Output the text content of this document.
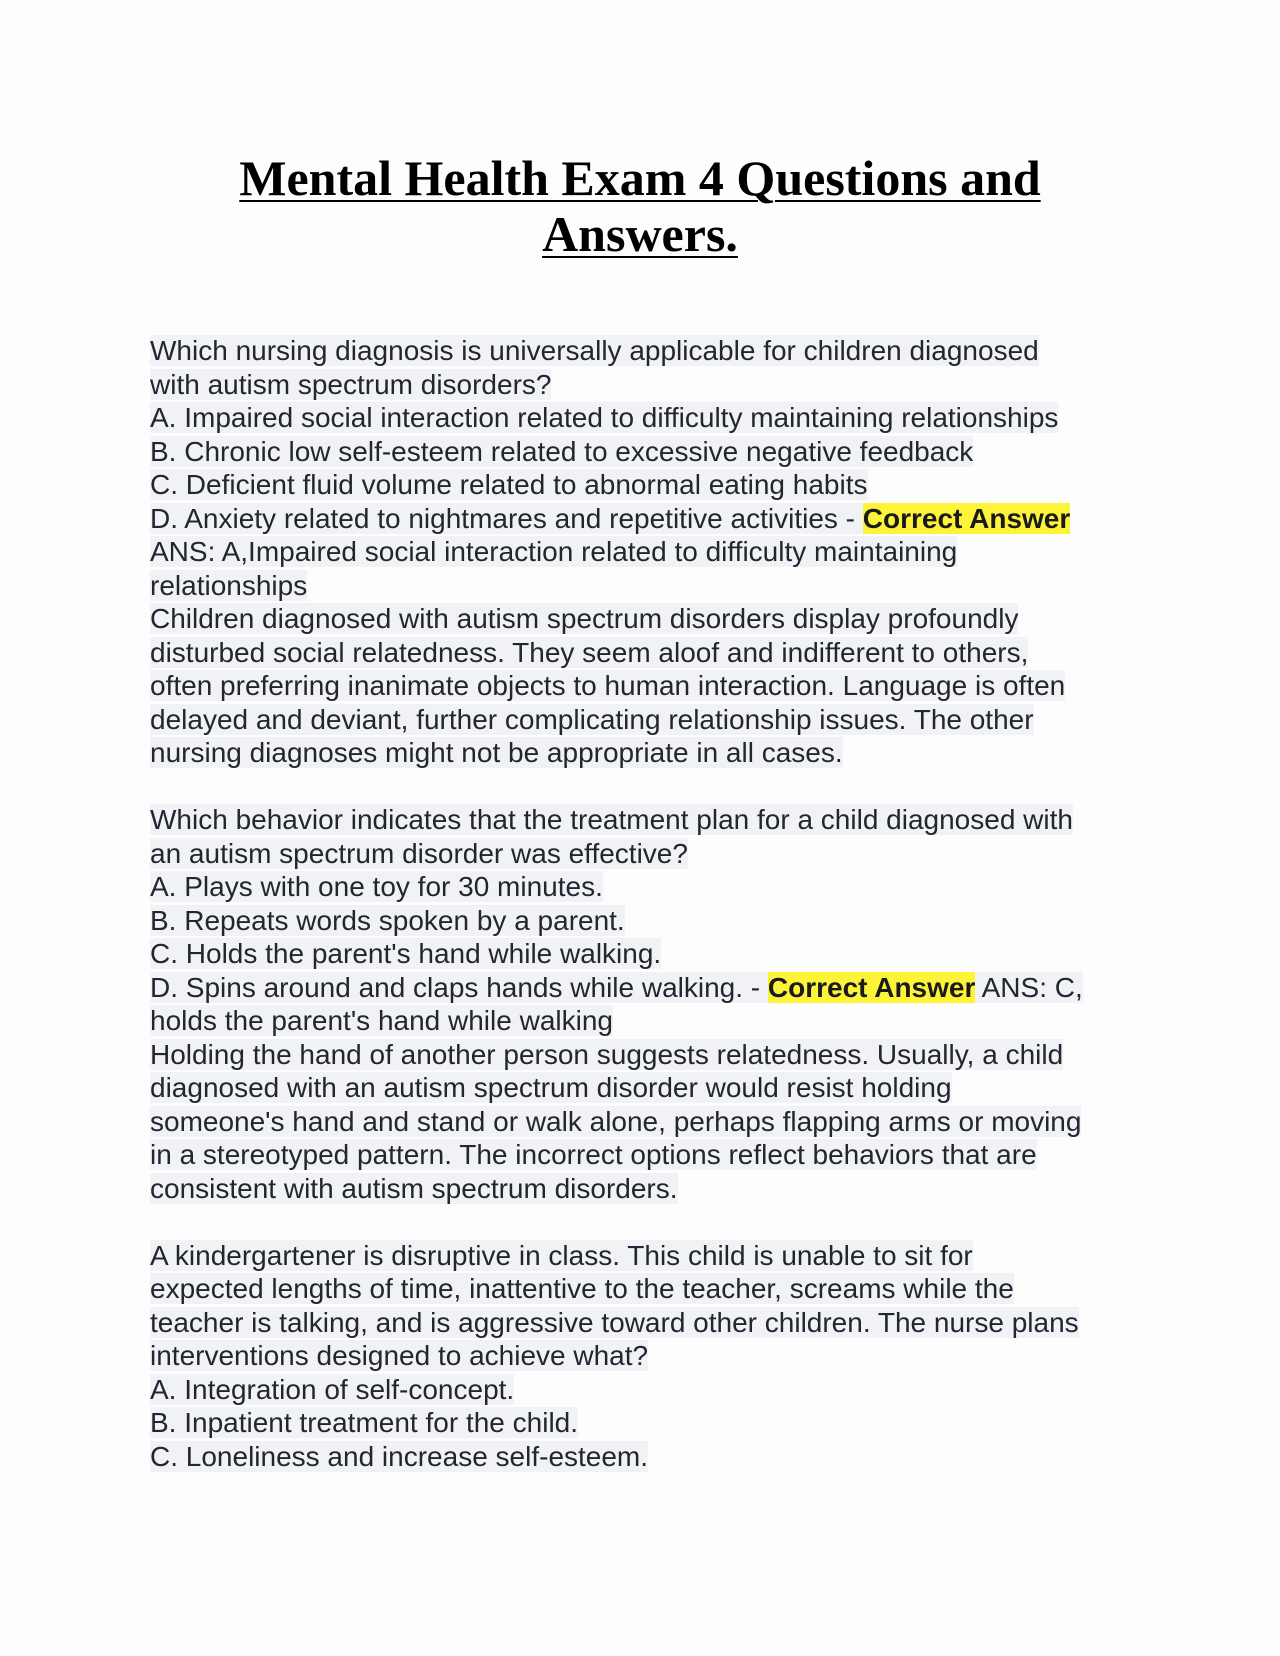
Mental Health Exam 4 Questions and
Answers.
Which nursing diagnosis is universally applicable for children diagnosed
with autism spectrum disorders?
A. Impaired social interaction related to difficulty maintaining relationships
B. Chronic low self-esteem related to excessive negative feedback
C. Deficient fluid volume related to abnormal eating habits
D. Anxiety related to nightmares and repetitive activities - Correct Answer
ANS: A,Impaired social interaction related to difficulty maintaining
relationships
Children diagnosed with autism spectrum disorders display profoundly
disturbed social relatedness. They seem aloof and indifferent to others,
often preferring inanimate objects to human interaction. Language is often
delayed and deviant, further complicating relationship issues. The other
nursing diagnoses might not be appropriate in all cases.
Which behavior indicates that the treatment plan for a child diagnosed with
an autism spectrum disorder was effective?
A. Plays with one toy for 30 minutes.
B. Repeats words spoken by a parent.
C. Holds the parent's hand while walking.
D. Spins around and claps hands while walking. - Correct Answer ANS: C,
holds the parent's hand while walking
Holding the hand of another person suggests relatedness. Usually, a child
diagnosed with an autism spectrum disorder would resist holding
someone's hand and stand or walk alone, perhaps flapping arms or moving
in a stereotyped pattern. The incorrect options reflect behaviors that are
consistent with autism spectrum disorders.
A kindergartener is disruptive in class. This child is unable to sit for
expected lengths of time, inattentive to the teacher, screams while the
teacher is talking, and is aggressive toward other children. The nurse plans
interventions designed to achieve what?
A. Integration of self-concept.
B. Inpatient treatment for the child.
C. Loneliness and increase self-esteem.
